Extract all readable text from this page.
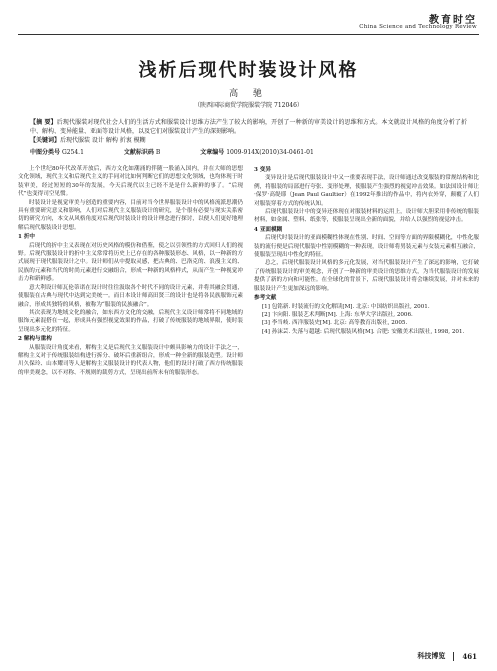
教育时空
China Science and Technology Review
浅析后现代时装设计风格
高 驰
（陕西国际商贸学院服装学院 712046）
【摘 要】后现代服装对现代社会人们的生活方式和服装设计思维方法产生了较大的影响，开创了一种新的审美设计的思维和方式。本文就设计风格的角度分析了折中、解构、变异能量、亚面等设计风格，以及它们对服装设计产生的深刻影响。
【关键词】后现代服装 设计 解构 折衷 模糊
中图分类号 G254.1	文献标识码 B	文章编号 1009-914X(2010)34-0461-01

上个世纪80年代改革开放后，西方文化如潮涌的伴随一股涌入国内，并在大师的思想文化领域，现代主义和后现代主义的手同对比如何判断它们的思想文化领域，也均体现于时装审美，经过短短的30年的发展，今天后现代以主已经不是是什么新鲜的事了。“后现代”也变得司空见惯。

时装设计是视觉审美与创造的重要内容，目前对当今世界服装设计中的风格流派思潮仍具有重要研究意义和影响，人们对后现代主义服装设计的研究，是个很有必要与现实关系密切的研究方向，本文从风格角度对后现代时装设计的设计理念进行探讨，以便人们更好地理解后现代服装设计思想。

1 折中

后现代的折中主义表现在对历史风格的模仿和借鉴，使之以引领性的方式回归人们的视野。后现代服装设计的折中主义常常将历史上已存在的各种服装形态、风格，以一种新的方式展现于现代服装设计之中。设计师们从中提取灵感，把古典的、巴洛克的、浪漫主义的、民族的元素和当代的时尚元素进行交融组合，形成一种新的风格样式，从而产生一种视觉冲击力和新鲜感。

意大利设计师瓦伦蒂诺在设计时往往汲取各个时代不同的设计元素，并将其融会贯通，使服装在古典与现代中达到完美统一。而日本设计师高田贤三的设计也是将各民族服饰元素融合，形成其独特的风格，被称为“服装的民族融合”。

其次表现为地域文化的融合，如东西方文化的交融，后现代主义设计师常将不同地域的服饰元素混搭在一起，形成具有强烈视觉效果的作品，打破了传统服装的地域界限，使时装呈现出多元化的特征。

2 解构与重构

从服装设计角度来看，解构主义是后现代主义服装设计中颇具影响力的设计手法之一，解构主义对于传统服装结构进行拆分、破坏后重新组合，形成一种全新的服装造型。设计师川久保玲、山本耀司等人是解构主义服装设计的代表人物，他们的设计打破了西方传统服装的审美观念，以不对称、不规则的裁剪方式，呈现出前所未有的服装形态。

3 变异

变异设计是后现代服装设计中又一重要表现手法，设计师通过改变服装的常规结构和比例，将服装的局部进行夸张、变形处理，使服装产生强烈的视觉冲击效果。如法国设计师让·保罗·高缇耶（Jean Paul Gaultier）在1992年推出的作品中，将内衣外穿，颠覆了人们对服装穿着方式的传统认知。

后现代服装设计中的变异还体现在对服装材料的运用上，设计师大胆采用非传统的服装材料，如金属、塑料、纸张等，使服装呈现出全新的面貌，并给人以强烈的视觉冲击。

4 亚面模糊

后现代时装设计的亚面模糊性体现在性别、时间、空间等方面的界限模糊化，中性化服装的流行便是后现代服装中性别模糊的一种表现，设计师将男装元素与女装元素相互融合，使服装呈现出中性化的特征。

总之，后现代服装设计风格的多元化发展，对当代服装设计产生了深远的影响，它打破了传统服装设计的审美观念，开创了一种新的审美设计的思维方式，为当代服装设计的发展提供了新的方向和可能性。在全球化的背景下，后现代服装设计将会继续发展，并对未来的服装设计产生更加深远的影响。

参考文献

[1] 包铭新. 时装流行的文化解读[M]. 北京: 中国纺织出版社, 2001.

[2] 卞向阳. 服装艺术判断[M]. 上海: 东华大学出版社, 2006.

[3] 李当岐. 西洋服装史[M]. 北京: 高等教育出版社, 2005.

[4] 孙沫芸. 失落与超越: 后现代服装风格[M]. 合肥: 安徽美术出版社, 1998, 201.

科技博览 461
